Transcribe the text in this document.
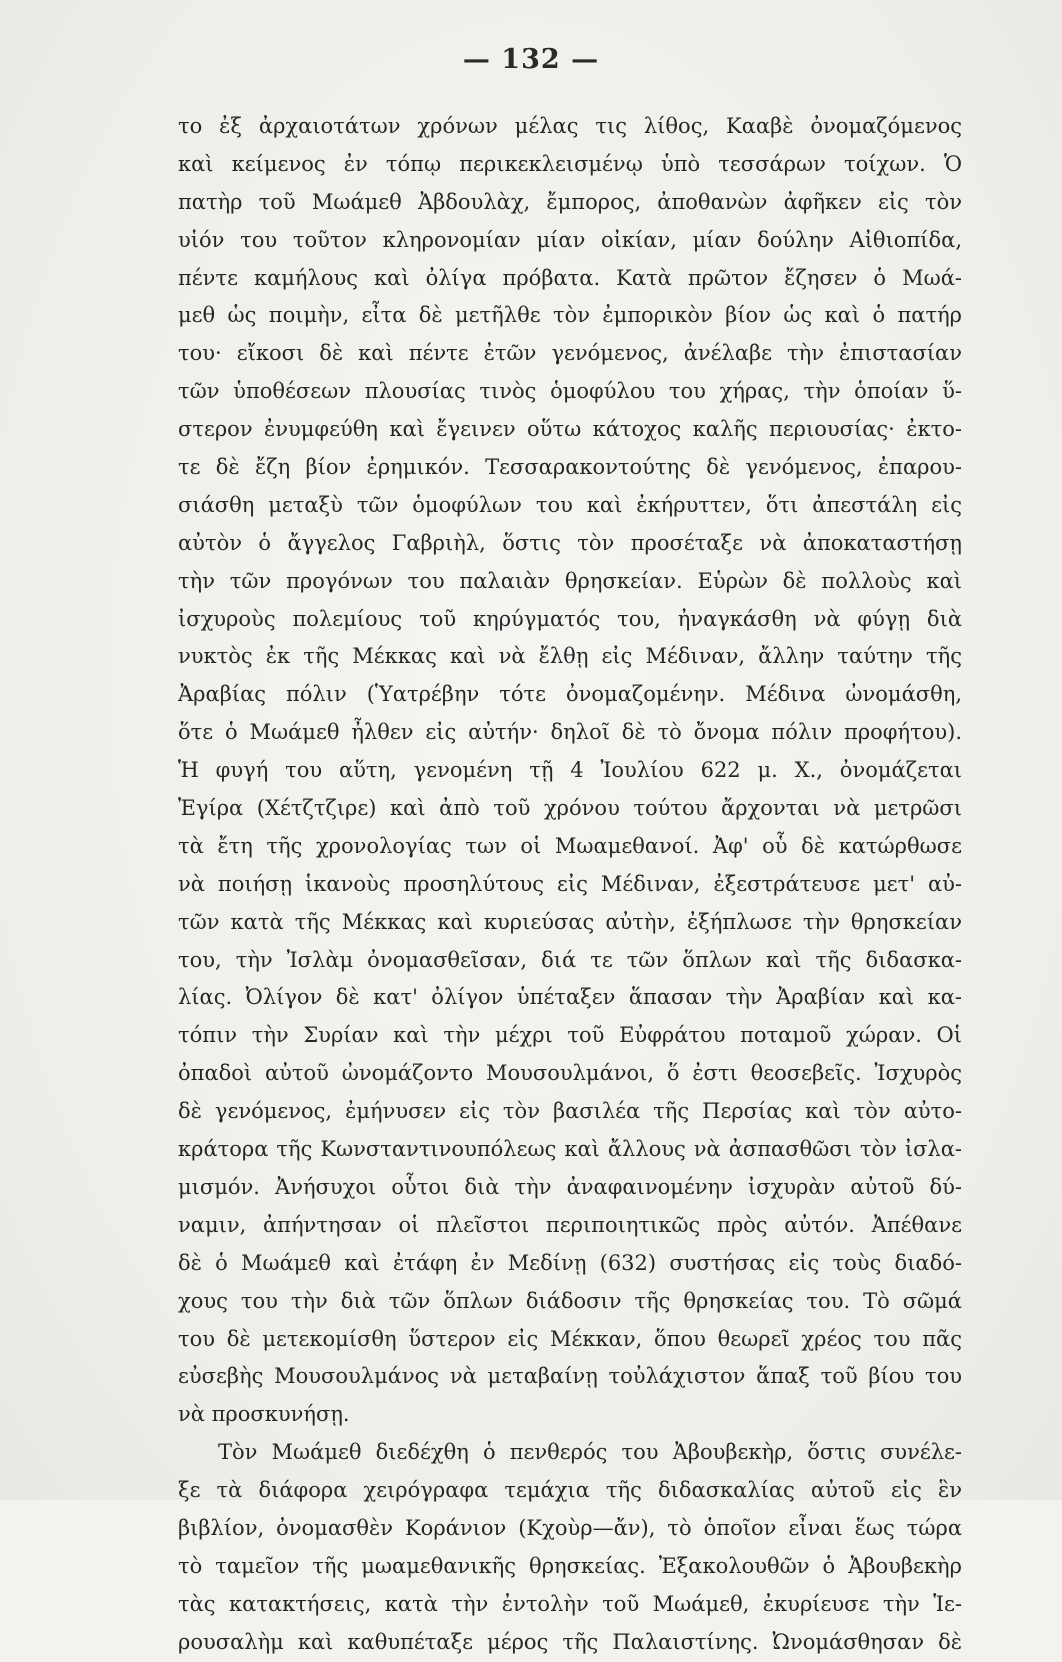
— 132 —
το ἐξ ἀρχαιοτάτων χρόνων μέλας τις λίθος, Κααβὲ ὀνομαζόμενος
καὶ κείμενος ἐν τόπῳ περικεκλεισμένῳ ὑπὸ τεσσάρων τοίχων. Ὁ
πατὴρ τοῦ Μωάμεθ Ἀβδουλὰχ, ἔμπορος, ἀποθανὼν ἀφῆκεν εἰς τὸν
υἱόν του τοῦτον κληρονομίαν μίαν οἰκίαν, μίαν δούλην Αἰθιοπίδα,
πέντε καμήλους καὶ ὀλίγα πρόβατα. Κατὰ πρῶτον ἔζησεν ὁ Μωά-
μεθ ὡς ποιμὴν, εἶτα δὲ μετῆλθε τὸν ἐμπορικὸν βίον ὡς καὶ ὁ πατήρ
του· εἴκοσι δὲ καὶ πέντε ἐτῶν γενόμενος, ἀνέλαβε τὴν ἐπιστασίαν
τῶν ὑποθέσεων πλουσίας τινὸς ὁμοφύλου του χήρας, τὴν ὁποίαν ὕ-
στερον ἐνυμφεύθη καὶ ἔγεινεν οὕτω κάτοχος καλῆς περιουσίας· ἐκτο-
τε δὲ ἔζη βίον ἐρημικόν. Τεσσαρακοντούτης δὲ γενόμενος, ἐπαρου-
σιάσθη μεταξὺ τῶν ὁμοφύλων του καὶ ἐκήρυττεν, ὅτι ἀπεστάλη εἰς
αὐτὸν ὁ ἄγγελος Γαβριὴλ, ὅστις τὸν προσέταξε νὰ ἀποκαταστήσῃ
τὴν τῶν προγόνων του παλαιὰν θρησκείαν. Εὑρὼν δὲ πολλοὺς καὶ
ἰσχυροὺς πολεμίους τοῦ κηρύγματός του, ἠναγκάσθη νὰ φύγῃ διὰ
νυκτὸς ἐκ τῆς Μέκκας καὶ νὰ ἔλθῃ εἰς Μέδιναν, ἄλλην ταύτην τῆς
Ἀραβίας πόλιν (Ὑατρέβην τότε ὀνομαζομένην. Μέδινα ὠνομάσθη,
ὅτε ὁ Μωάμεθ ἦλθεν εἰς αὐτήν· δηλοῖ δὲ τὸ ὄνομα πόλιν προφήτου).
Ἡ φυγή του αὕτη, γενομένη τῇ 4 Ἰουλίου 622 μ. Χ., ὀνομάζεται
Ἐγίρα (Χέτζτζιρε) καὶ ἀπὸ τοῦ χρόνου τούτου ἄρχονται νὰ μετρῶσι
τὰ ἔτη τῆς χρονολογίας των οἱ Μωαμεθανοί. Ἀφ' οὗ δὲ κατώρθωσε
νὰ ποιήσῃ ἱκανοὺς προσηλύτους εἰς Μέδιναν, ἐξεστράτευσε μετ' αὐ-
τῶν κατὰ τῆς Μέκκας καὶ κυριεύσας αὐτὴν, ἐξήπλωσε τὴν θρησκείαν
του, τὴν Ἰσλὰμ ὀνομασθεῖσαν, διά τε τῶν ὅπλων καὶ τῆς διδασκα-
λίας. Ὀλίγον δὲ κατ' ὀλίγον ὑπέταξεν ἅπασαν τὴν Ἀραβίαν καὶ κα-
τόπιν τὴν Συρίαν καὶ τὴν μέχρι τοῦ Εὐφράτου ποταμοῦ χώραν. Οἱ
ὀπαδοὶ αὐτοῦ ὠνομάζοντο Μουσουλμάνοι, ὅ ἐστι θεοσεβεῖς. Ἰσχυρὸς
δὲ γενόμενος, ἐμήνυσεν εἰς τὸν βασιλέα τῆς Περσίας καὶ τὸν αὐτο-
κράτορα τῆς Κωνσταντινουπόλεως καὶ ἄλλους νὰ ἀσπασθῶσι τὸν ἰσλα-
μισμόν. Ἀνήσυχοι οὗτοι διὰ τὴν ἀναφαινομένην ἰσχυρὰν αὐτοῦ δύ-
ναμιν, ἀπήντησαν οἱ πλεῖστοι περιποιητικῶς πρὸς αὐτόν. Ἀπέθανε
δὲ ὁ Μωάμεθ καὶ ἐτάφη ἐν Μεδίνῃ (632) συστήσας εἰς τοὺς διαδό-
χους του τὴν διὰ τῶν ὅπλων διάδοσιν τῆς θρησκείας του. Τὸ σῶμά
του δὲ μετεκομίσθη ὕστερον εἰς Μέκκαν, ὅπου θεωρεῖ χρέος του πᾶς
εὐσεβὴς Μουσουλμάνος νὰ μεταβαίνῃ τοὐλάχιστον ἅπαξ τοῦ βίου του
νὰ προσκυνήσῃ.
Τὸν Μωάμεθ διεδέχθη ὁ πενθερός του Ἀβουβεκὴρ, ὅστις συνέλε-
ξε τὰ διάφορα χειρόγραφα τεμάχια τῆς διδασκαλίας αὐτοῦ εἰς ἓν
βιβλίον, ὀνομασθὲν Κοράνιον (Κχοὺρ—ἄν), τὸ ὁποῖον εἶναι ἕως τώρα
τὸ ταμεῖον τῆς μωαμεθανικῆς θρησκείας. Ἐξακολουθῶν ὁ Ἀβουβεκὴρ
τὰς κατακτήσεις, κατὰ τὴν ἐντολὴν τοῦ Μωάμεθ, ἐκυρίευσε τὴν Ἱε-
ρουσαλὴμ καὶ καθυπέταξε μέρος τῆς Παλαιστίνης. Ὠνομάσθησαν δὲ
